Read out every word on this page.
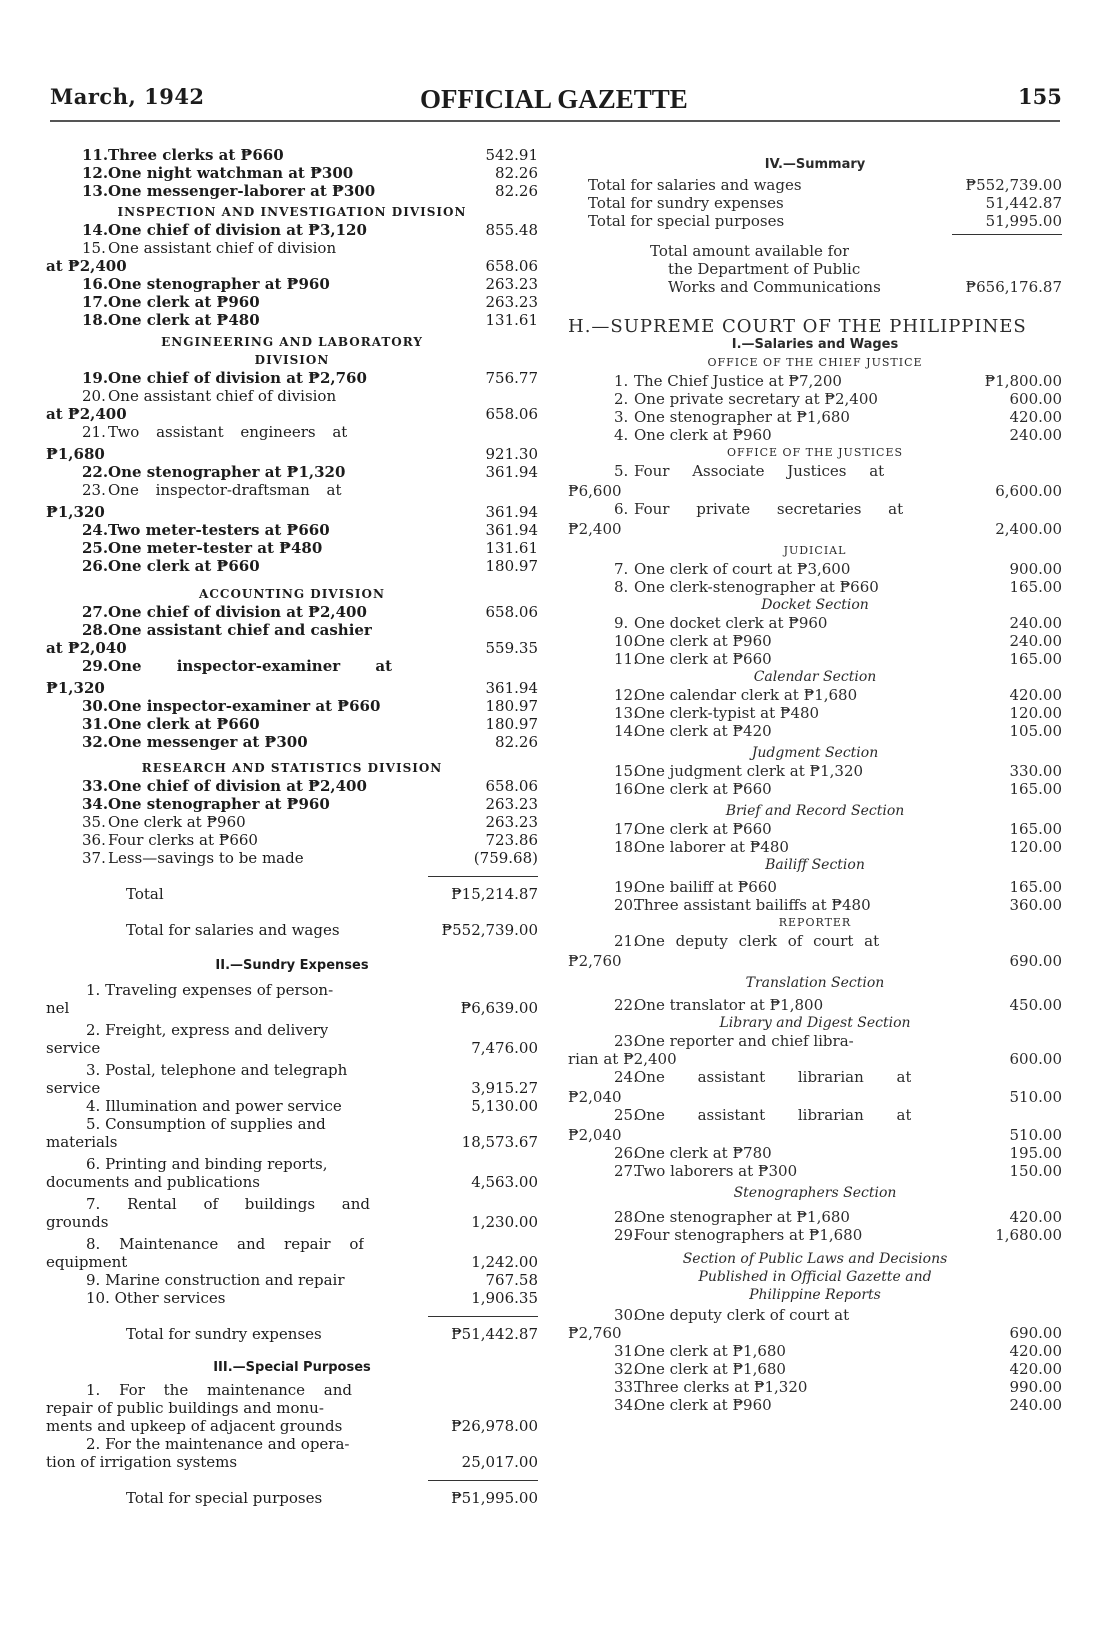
March, 1942	OFFICIAL GAZETTE	155
11. Three clerks at ₱660	542.91
12. One night watchman at ₱300	82.26
13. One messenger-laborer at ₱300	82.26
INSPECTION AND INVESTIGATION DIVISION
14. One chief of division at ₱3,120	855.48
15. One assistant chief of division
at ₱2,400	658.06
16. One stenographer at ₱960	263.23
17. One clerk at ₱960	263.23
18. One clerk at ₱480	131.61
ENGINEERING AND LABORATORY
DIVISION
19. One chief of division at ₱2,760	756.77
20. One assistant chief of division
at ₱2,400	658.06
21. Two assistant engineers at
₱1,680	921.30
22. One stenographer at ₱1,320	361.94
23. One inspector-draftsman at
₱1,320	361.94
24. Two meter-testers at ₱660	361.94
25. One meter-tester at ₱480	131.61
26. One clerk at ₱660	180.97
ACCOUNTING DIVISION
27. One chief of division at ₱2,400	658.06
28. One assistant chief and cashier
at ₱2,040	559.35
29. One inspector-examiner at
₱1,320	361.94
30. One inspector-examiner at ₱660	180.97
31. One clerk at ₱660	180.97
32. One messenger at ₱300	82.26
RESEARCH AND STATISTICS DIVISION
33. One chief of division at ₱2,400	658.06
34. One stenographer at ₱960	263.23
35. One clerk at ₱960	263.23
36. Four clerks at ₱660	723.86
37. Less—savings to be made	(759.68)
Total	₱15,214.87
Total for salaries and wages	₱552,739.00
II.—Sundry Expenses
1. Traveling expenses of person-
nel	₱6,639.00
2. Freight, express and delivery
service	7,476.00
3. Postal, telephone and telegraph
service	3,915.27
4. Illumination and power service	5,130.00
5. Consumption of supplies and
materials	18,573.67
6. Printing and binding reports,
documents and publications	4,563.00
7. Rental of buildings and
grounds	1,230.00
8. Maintenance and repair of
equipment	1,242.00
9. Marine construction and repair	767.58
10. Other services	1,906.35
Total for sundry expenses	₱51,442.87
III.—Special Purposes
1. For the maintenance and
repair of public buildings and monu-
ments and upkeep of adjacent grounds	₱26,978.00
2. For the maintenance and opera-
tion of irrigation systems	25,017.00
Total for special purposes	₱51,995.00
IV.—Summary
Total for salaries and wages	₱552,739.00
Total for sundry expenses	51,442.87
Total for special purposes	51,995.00
Total amount available for
the Department of Public
Works and Communications	₱656,176.87
H.—SUPREME COURT OF THE PHILIPPINES
I.—Salaries and Wages
OFFICE OF THE CHIEF JUSTICE
1. The Chief Justice at ₱7,200	₱1,800.00
2. One private secretary at ₱2,400	600.00
3. One stenographer at ₱1,680	420.00
4. One clerk at ₱960	240.00
OFFICE OF THE JUSTICES
5. Four Associate Justices at
₱6,600	6,600.00
6. Four private secretaries at
₱2,400	2,400.00
JUDICIAL
7. One clerk of court at ₱3,600	900.00
8. One clerk-stenographer at ₱660	165.00
Docket Section
9. One docket clerk at ₱960	240.00
10.
One clerk at ₱960	240.00
11.
One clerk at ₱660	165.00
Calendar Section
12.
One calendar clerk at ₱1,680	420.00
13.
One clerk-typist at ₱480	120.00
14.
One clerk at ₱420	105.00
Judgment Section
15.
One judgment clerk at ₱1,320	330.00
16.
One clerk at ₱660	165.00
Brief and Record Section
17.
One clerk at ₱660	165.00
18.
One laborer at ₱480	120.00
Bailiff Section
19.
One bailiff at ₱660	165.00
20.
Three assistant bailiffs at ₱480	360.00
REPORTER
21.
One deputy clerk of court at
₱2,760	690.00
Translation Section
22.
One translator at ₱1,800	450.00
Library and Digest Section
23.
One reporter and chief libra-
rian at ₱2,400	600.00
24.
One assistant librarian at
₱2,040	510.00
25.
One assistant librarian at
₱2,040	510.00
26.
One clerk at ₱780	195.00
27.
Two laborers at ₱300	150.00
Stenographers Section
28.
One stenographer at ₱1,680	420.00
29.
Four stenographers at ₱1,680	1,680.00
Section of Public Laws and Decisions
Published in Official Gazette and
Philippine Reports
30.
One deputy clerk of court at
₱2,760	690.00
31.
One clerk at ₱1,680	420.00
32.
One clerk at ₱1,680	420.00
33.
Three clerks at ₱1,320	990.00
34.
One clerk at ₱960	240.00
